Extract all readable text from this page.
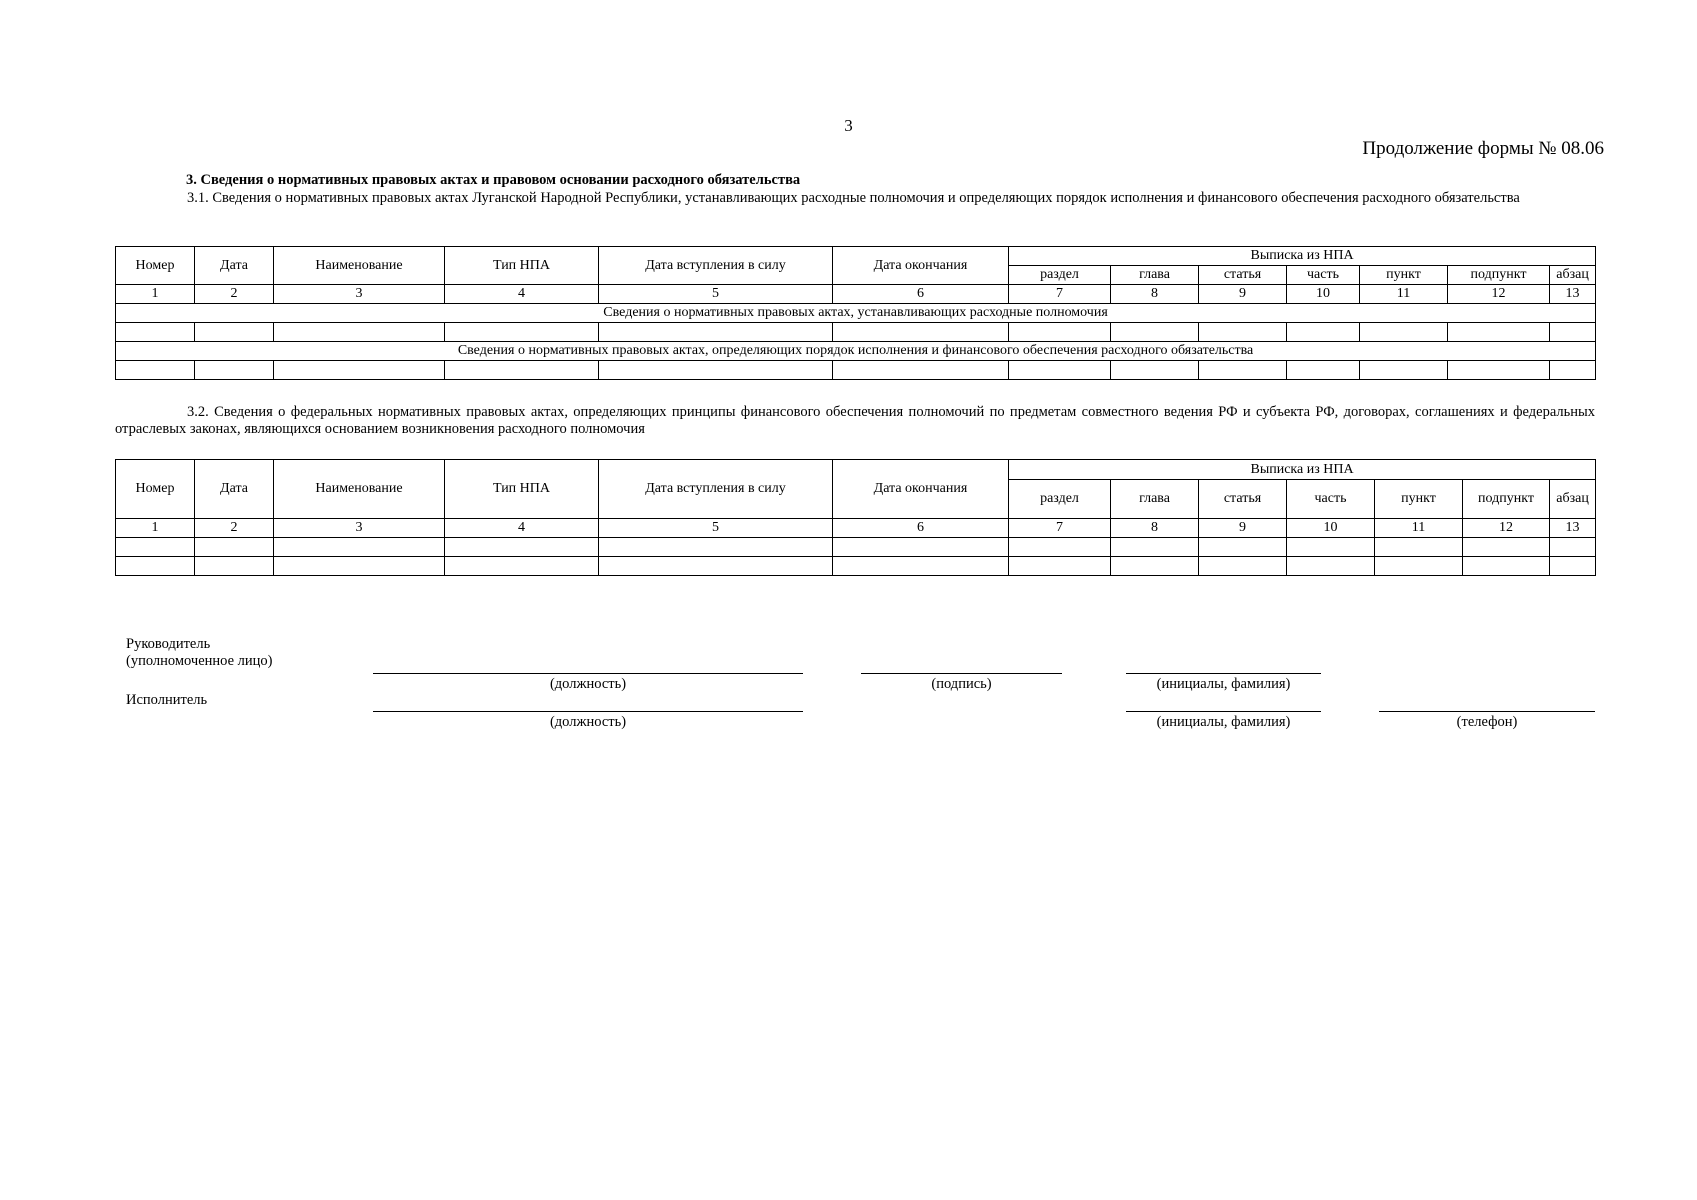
3
Продолжение формы № 08.06
3. Сведения о нормативных правовых актах и правовом основании расходного обязательства
3.1. Сведения о нормативных правовых актах Луганской Народной Республики, устанавливающих расходные полномочия и определяющих порядок исполнения и финансового обеспечения расходного обязательства
Номер	Дата	Наименование	Тип НПА	Дата вступления в силу	Дата окончания	Выписка из НПА						
						раздел	глава	статья	часть	пункт	подпункт	абзац
1	2	3	4	5	6	7	8	9	10	11	12	13
Сведения о нормативных правовых актах, устанавливающих расходные полномочия												

Сведения о нормативных правовых актах, определяющих порядок исполнения и финансового обеспечения расходного обязательства												

3.2. Сведения о федеральных нормативных правовых актах, определяющих принципы финансового обеспечения полномочий по предметам совместного ведения РФ и субъекта РФ, договорах, соглашениях и федеральных отраслевых законах, являющихся основанием возникновения расходного полномочия
Номер	Дата	Наименование	Тип НПА	Дата вступления в силу	Дата окончания	Выписка из НПА						
						раздел	глава	статья	часть	пункт	подпункт	абзац
1	2	3	4	5	6	7	8	9	10	11	12	13

Руководитель
(уполномоченное лицо)
(должность)	(подпись)	(инициалы, фамилия)
Исполнитель
(должность)	(инициалы, фамилия)	(телефон)
